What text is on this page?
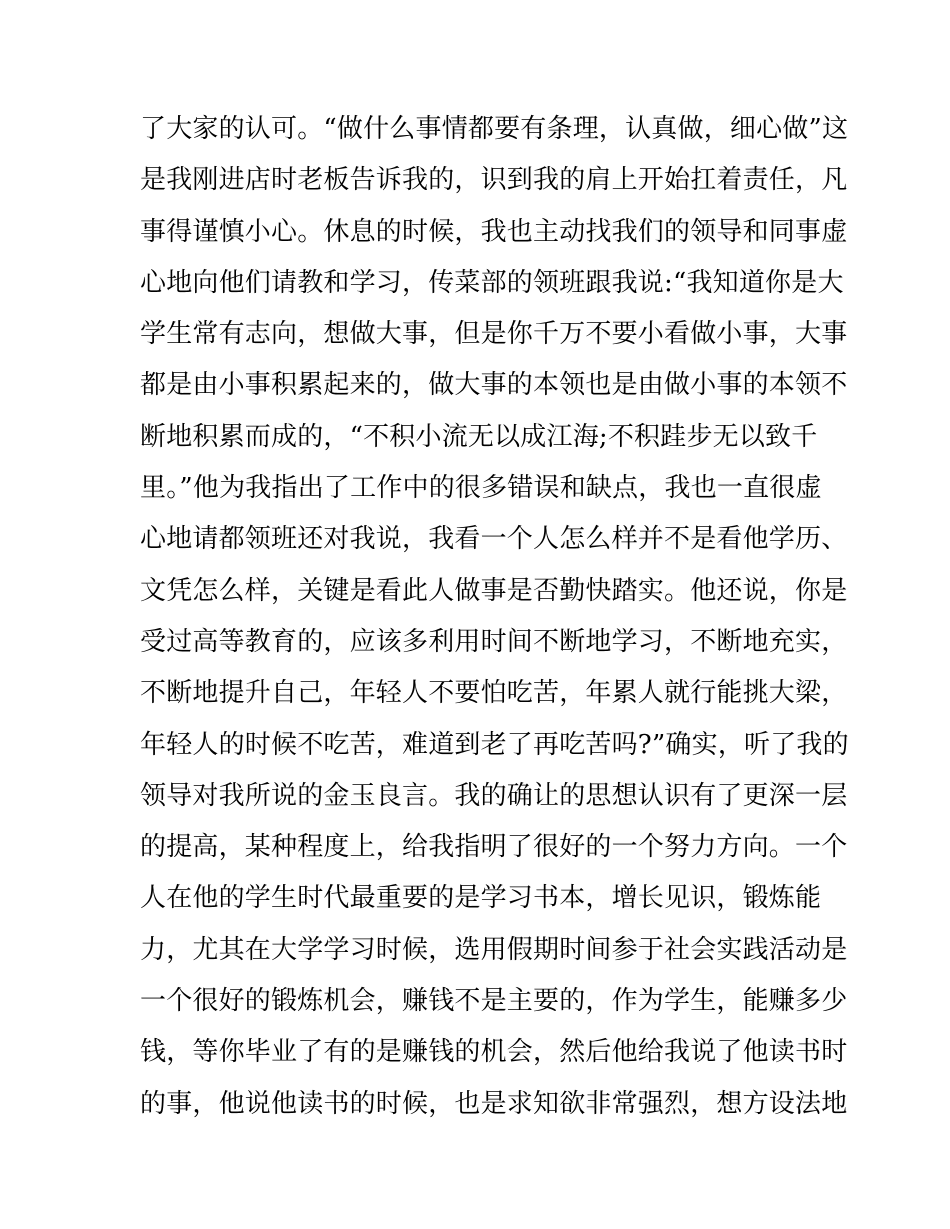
了大家的认可。“做什么事情都要有条理，认真做，细心做”这
是我刚进店时老板告诉我的，识到我的肩上开始扛着责任，凡
事得谨慎小心。休息的时候，我也主动找我们的领导和同事虚
心地向他们请教和学习，传菜部的领班跟我说:“我知道你是大
学生常有志向，想做大事，但是你千万不要小看做小事，大事
都是由小事积累起来的，做大事的本领也是由做小事的本领不
断地积累而成的，“不积小流无以成江海;不积跬步无以致千
里。”他为我指出了工作中的很多错误和缺点，我也一直很虚
心地请都领班还对我说，我看一个人怎么样并不是看他学历、
文凭怎么样，关键是看此人做事是否勤快踏实。他还说，你是
受过高等教育的，应该多利用时间不断地学习，不断地充实，
不断地提升自己，年轻人不要怕吃苦，年累人就行能挑大梁，
年轻人的时候不吃苦，难道到老了再吃苦吗?”确实，听了我的
领导对我所说的金玉良言。我的确让的思想认识有了更深一层
的提高，某种程度上，给我指明了很好的一个努力方向。一个
人在他的学生时代最重要的是学习书本，增长见识，锻炼能
力，尤其在大学学习时候，选用假期时间参于社会实践活动是
一个很好的锻炼机会，赚钱不是主要的，作为学生，能赚多少
钱，等你毕业了有的是赚钱的机会，然后他给我说了他读书时
的事，他说他读书的时候，也是求知欲非常强烈，想方设法地
